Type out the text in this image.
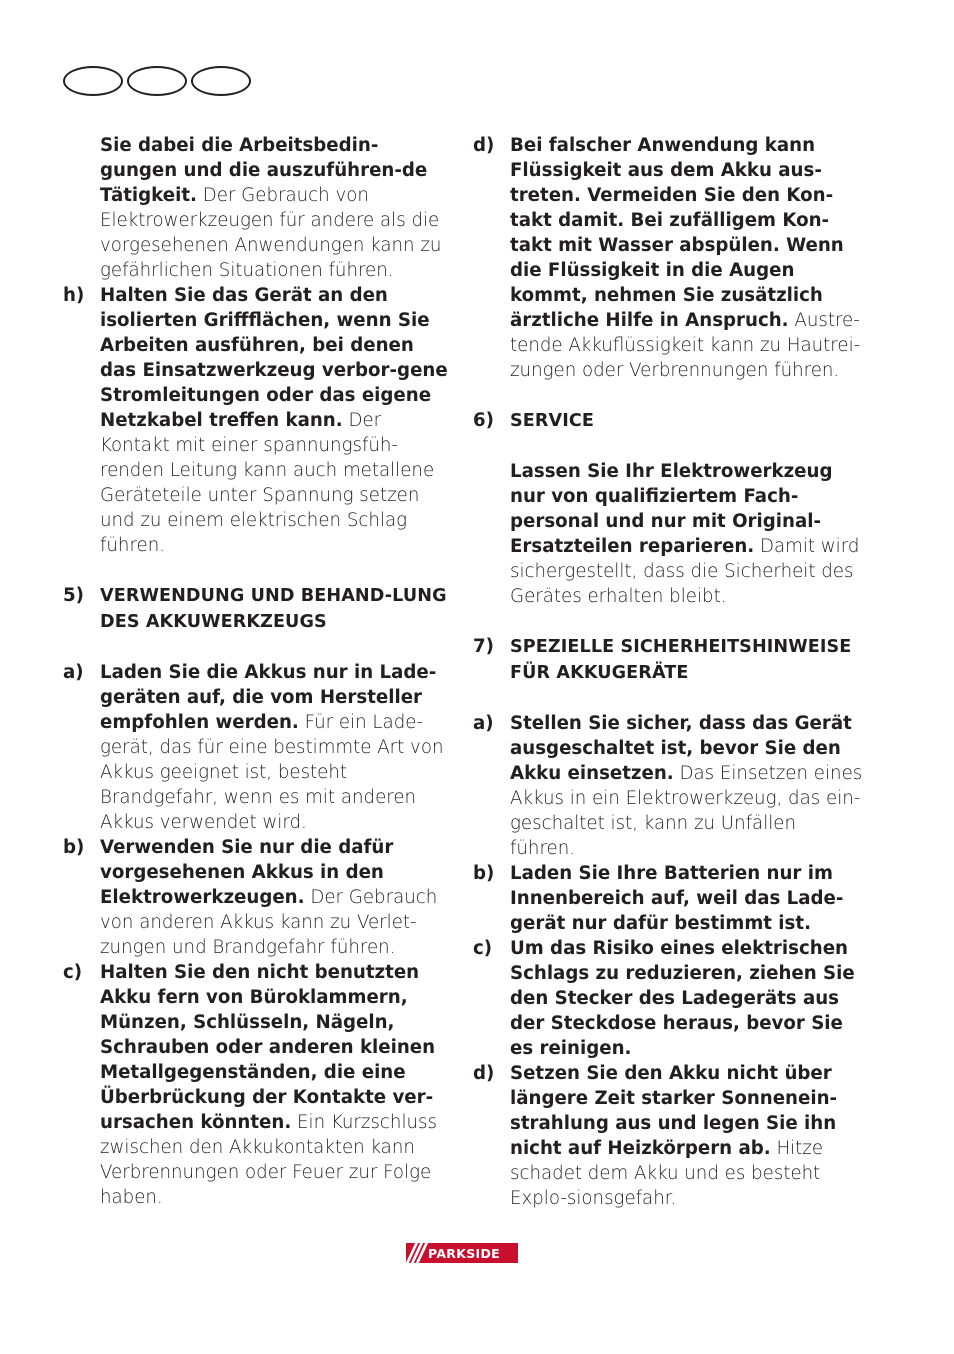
Sie dabei die Arbeitsbedin-gungen und die auszuführen-de Tätigkeit. Der Gebrauch von Elektrowerkzeugen für andere als die vorgesehenen Anwendungen kann zu gefährlichen Situationen führen.

h) Halten Sie das Gerät an den isolierten Griffflächen, wenn Sie Arbeiten ausführen, bei denen das Einsatzwerkzeug verbor-gene Stromleitungen oder das eigene Netzkabel treffen kann. Der Kontakt mit einer spannungsfüh-renden Leitung kann auch metallene Geräteteile unter Spannung setzen und zu einem elektrischen Schlag führen.

5) VERWENDUNG UND BEHAND-LUNG DES AKKUWERKZEUGS

a) Laden Sie die Akkus nur in Lade-geräten auf, die vom Hersteller empfohlen werden. Für ein Lade-gerät, das für eine bestimmte Art von Akkus geeignet ist, besteht Brandgefahr, wenn es mit anderen Akkus verwendet wird.

b) Verwenden Sie nur die dafür vorgesehenen Akkus in den Elektrowerkzeugen. Der Gebrauch von anderen Akkus kann zu Verlet-zungen und Brandgefahr führen.

c) Halten Sie den nicht benutzten Akku fern von Büroklammern, Münzen, Schlüsseln, Nägeln, Schrauben oder anderen kleinen Metallgegenständen, die eine Überbrückung der Kontakte ver-ursachen könnten. Ein Kurzschluss zwischen den Akkukontakten kann Verbrennungen oder Feuer zur Folge haben.

d) Bei falscher Anwendung kann Flüssigkeit aus dem Akku aus-treten. Vermeiden Sie den Kon-takt damit. Bei zufälligem Kon-takt mit Wasser abspülen. Wenn die Flüssigkeit in die Augen kommt, nehmen Sie zusätzlich ärztliche Hilfe in Anspruch. Austre-tende Akkuflüssigkeit kann zu Hautrei-zungen oder Verbrennungen führen.

6) SERVICE

Lassen Sie Ihr Elektrowerkzeug nur von qualifiziertem Fach-personal und nur mit Original-Ersatzteilen reparieren. Damit wird sichergestellt, dass die Sicherheit des Gerätes erhalten bleibt.

7) SPEZIELLE SICHERHEITSHINWEISE FÜR AKKUGERÄTE

a) Stellen Sie sicher, dass das Gerät ausgeschaltet ist, bevor Sie den Akku einsetzen. Das Einsetzen eines Akkus in ein Elektrowerkzeug, das ein-geschaltet ist, kann zu Unfällen führen.

b) Laden Sie Ihre Batterien nur im Innenbereich auf, weil das Lade-gerät nur dafür bestimmt ist.

c) Um das Risiko eines elektrischen Schlags zu reduzieren, ziehen Sie den Stecker des Ladegeräts aus der Steckdose heraus, bevor Sie es reinigen.

d) Setzen Sie den Akku nicht über längere Zeit starker Sonnenein-strahlung aus und legen Sie ihn nicht auf Heizkörpern ab. Hitze schadet dem Akku und es besteht Explo-sionsgefahr.

PARKSIDE
